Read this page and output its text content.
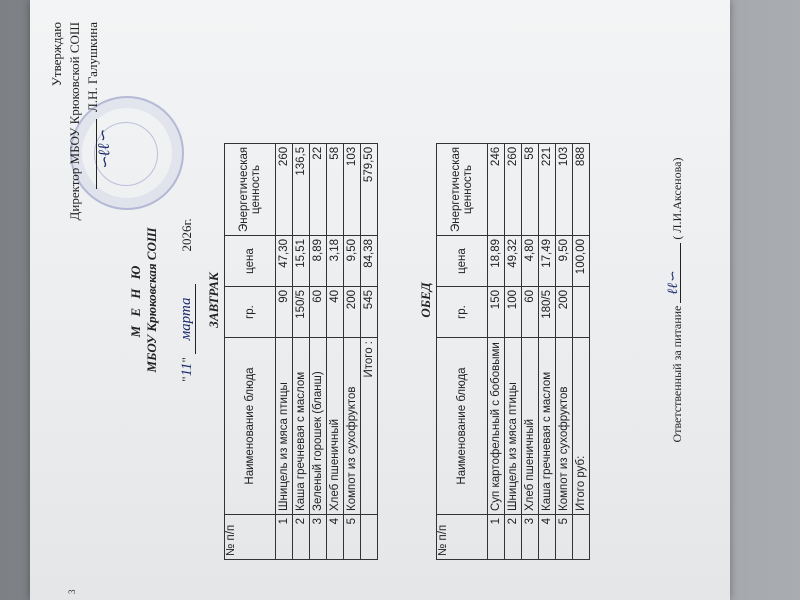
3
Утверждаю Директор МБОУ Крюковской СОШ Л.Н. Галушкина
∽ℓℓ∽
М Е Н Ю МБОУ Крюковская СОШ
"11" марта          2026г.
ЗАВТРАК
№ п/п	Наименование блюда	гр.	цена	Энергетическая ценность
1	Шницель из мяса птицы	90	47,30	260
2	Каша гречневая с маслом	150/5	15,51	136,5
3	Зеленый горошек (бланш)	60	8,89	22
4	Хлеб пшеничный	40	3,18	58
5	Компот из сухофруктов	200	9,50	103
	Итого :	545	84,38	579,50
ОБЕД
№ п/п	Наименование блюда	гр.	цена	Энергетическая ценность
1	Суп картофельный с бобовыми	150	18,89	246
2	Шницель из мяса птицы	100	49,32	260
3	Хлеб пшеничный	60	4,80	58
4	Каша гречневая с маслом	180/5	17,49	221
5	Компот из сухофруктов	200	9,50	103
	Итого руб:		100,00	888
Ответственный за питание
ℓℓ∽
( Л.И.Аксенова)
